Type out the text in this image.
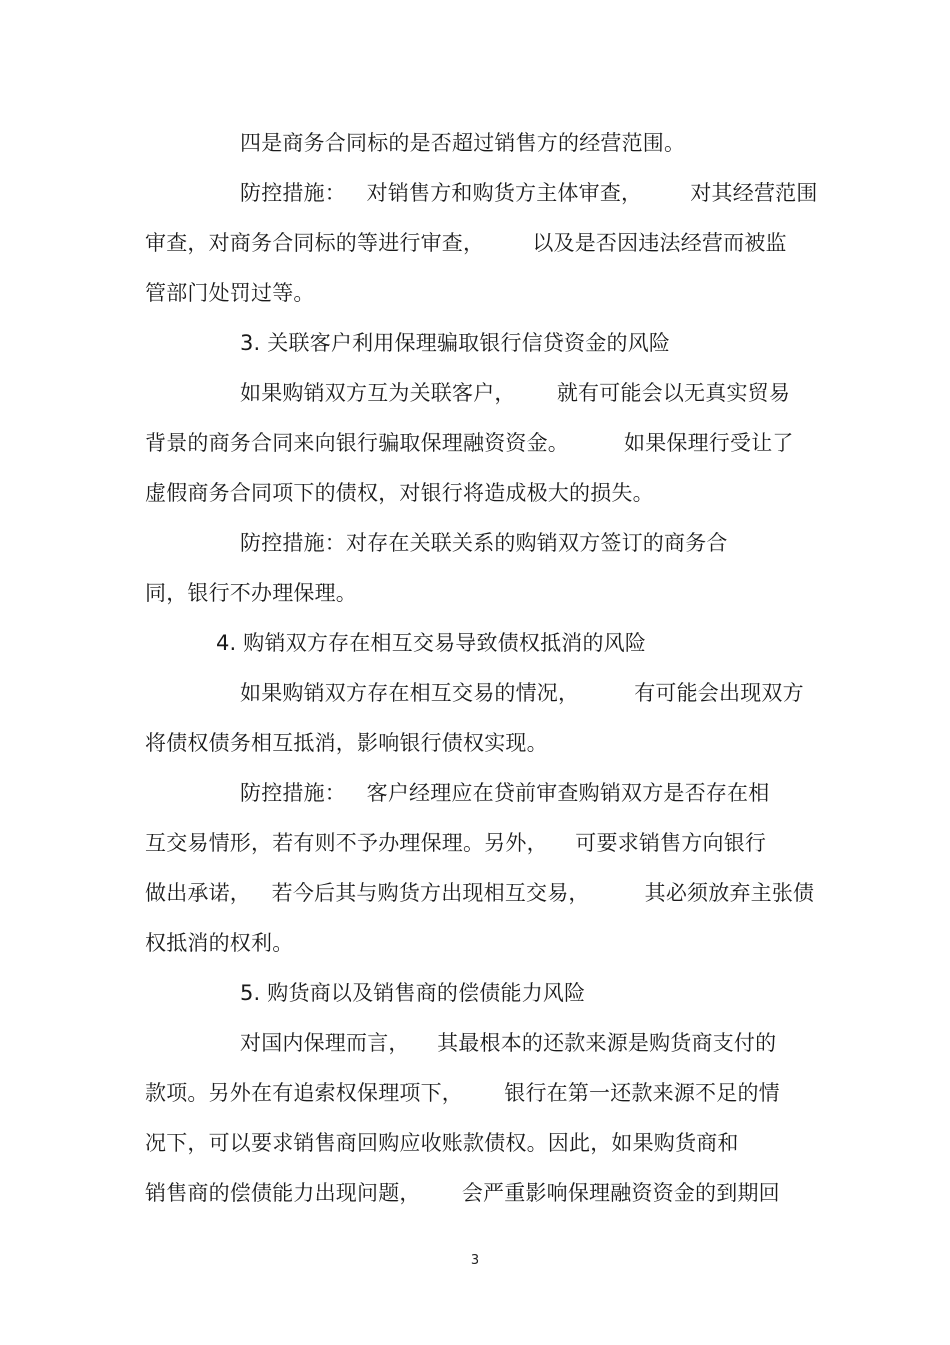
四是商务合同标的是否超过销售方的经营范围。
防控措施：   对销售方和购货方主体审查，       对其经营范围
审查，对商务合同标的等进行审查，       以及是否因违法经营而被监
管部门处罚过等。
3. 关联客户利用保理骗取银行信贷资金的风险
如果购销双方互为关联客户，      就有可能会以无真实贸易
背景的商务合同来向银行骗取保理融资资金。        如果保理行受让了
虚假商务合同项下的债权，对银行将造成极大的损失。
防控措施：对存在关联关系的购销双方签订的商务合
同，银行不办理保理。
4. 购销双方存在相互交易导致债权抵消的风险
如果购销双方存在相互交易的情况，        有可能会出现双方
将债权债务相互抵消，影响银行债权实现。
防控措施：   客户经理应在贷前审查购销双方是否存在相
互交易情形，若有则不予办理保理。另外，    可要求销售方向银行
做出承诺，   若今后其与购货方出现相互交易，        其必须放弃主张债
权抵消的权利。
5. 购货商以及销售商的偿债能力风险
对国内保理而言，    其最根本的还款来源是购货商支付的
款项。另外在有追索权保理项下，      银行在第一还款来源不足的情
况下，可以要求销售商回购应收账款债权。因此，如果购货商和
销售商的偿债能力出现问题，      会严重影响保理融资资金的到期回
3
